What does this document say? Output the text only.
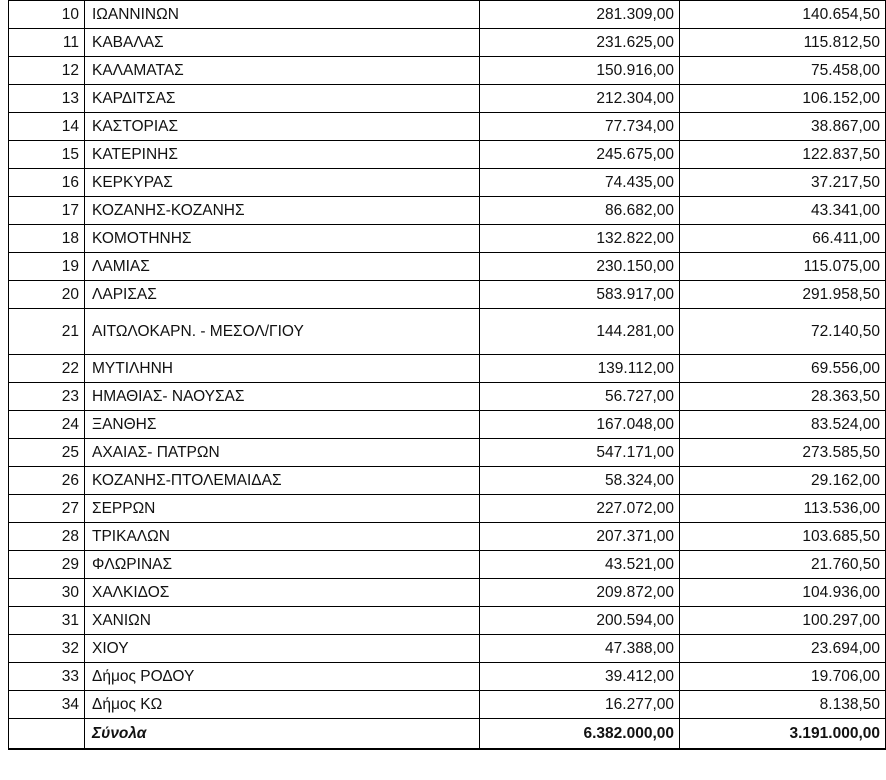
10	ΙΩΑΝΝΙΝΩΝ	281.309,00	140.654,50
11	ΚΑΒΑΛΑΣ	231.625,00	115.812,50
12	ΚΑΛΑΜΑΤΑΣ	150.916,00	75.458,00
13	ΚΑΡΔΙΤΣΑΣ	212.304,00	106.152,00
14	ΚΑΣΤΟΡΙΑΣ	77.734,00	38.867,00
15	ΚΑΤΕΡΙΝΗΣ	245.675,00	122.837,50
16	ΚΕΡΚΥΡΑΣ	74.435,00	37.217,50
17	ΚΟΖΑΝΗΣ-ΚΟΖΑΝΗΣ	86.682,00	43.341,00
18	ΚΟΜΟΤΗΝΗΣ	132.822,00	66.411,00
19	ΛΑΜΙΑΣ	230.150,00	115.075,00
20	ΛΑΡΙΣΑΣ	583.917,00	291.958,50
21	ΑΙΤΩΛΟΚΑΡΝ. - ΜΕΣΟΛ/ΓΙΟΥ	144.281,00	72.140,50
22	ΜΥΤΙΛΗΝΗ	139.112,00	69.556,00
23	ΗΜΑΘΙΑΣ- ΝΑΟΥΣΑΣ	56.727,00	28.363,50
24	ΞΑΝΘΗΣ	167.048,00	83.524,00
25	ΑΧΑΙΑΣ- ΠΑΤΡΩΝ	547.171,00	273.585,50
26	ΚΟΖΑΝΗΣ-ΠΤΟΛΕΜΑΙΔΑΣ	58.324,00	29.162,00
27	ΣΕΡΡΩΝ	227.072,00	113.536,00
28	ΤΡΙΚΑΛΩΝ	207.371,00	103.685,50
29	ΦΛΩΡΙΝΑΣ	43.521,00	21.760,50
30	ΧΑΛΚΙΔΟΣ	209.872,00	104.936,00
31	ΧΑΝΙΩΝ	200.594,00	100.297,00
32	ΧΙΟΥ	47.388,00	23.694,00
33	Δήμος ΡΟΔΟΥ	39.412,00	19.706,00
34	Δήμος ΚΩ	16.277,00	8.138,50
	Σύνολα	6.382.000,00	3.191.000,00
